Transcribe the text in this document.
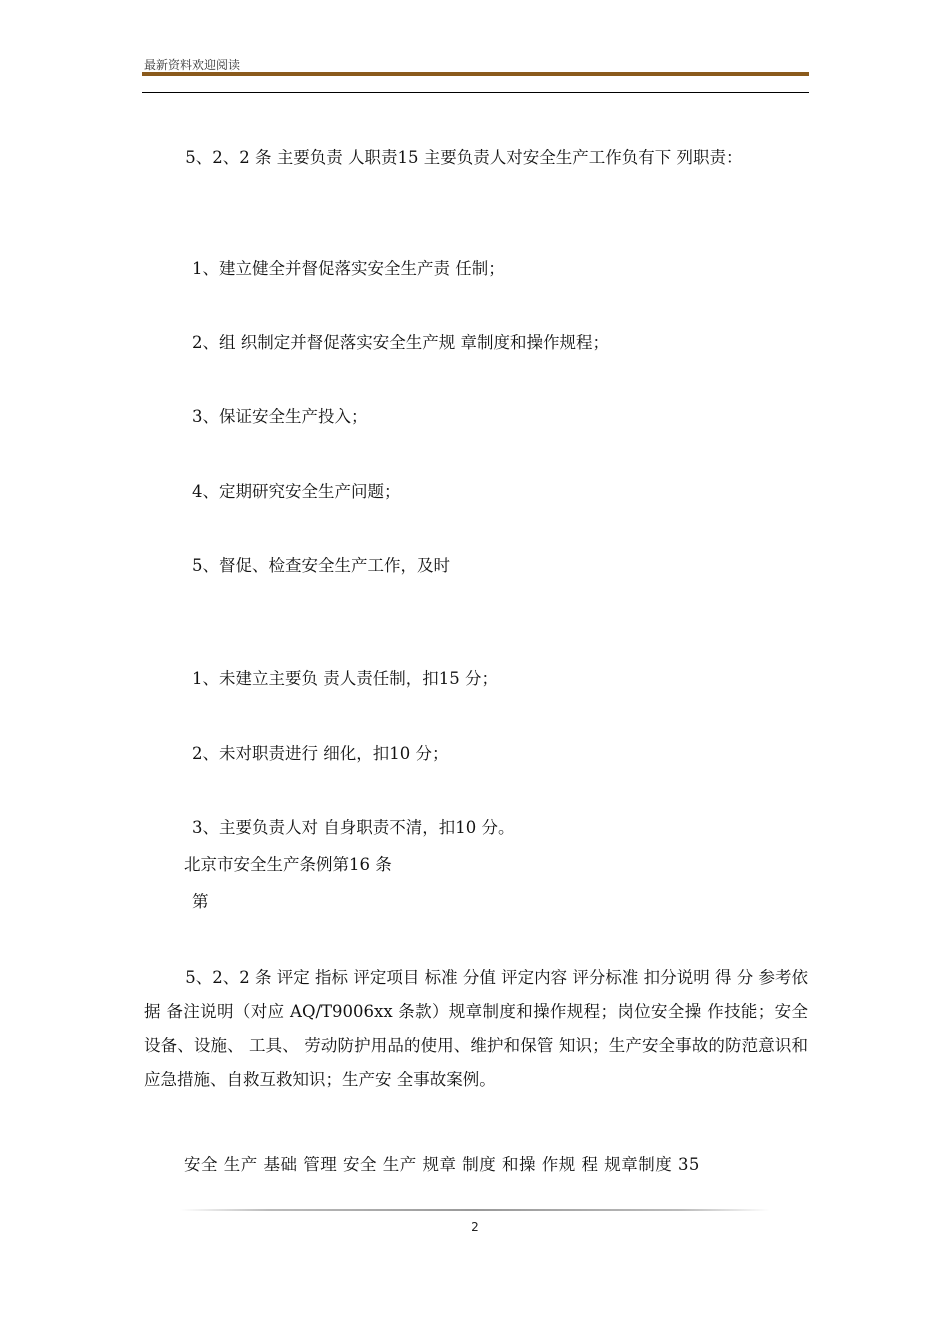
最新资料欢迎阅读
5、2、2 条 主要负责 人职责15 主要负责人对安全生产工作负有下 列职责：
1、建立健全并督促落实安全生产责 任制；
2、组 织制定并督促落实安全生产规 章制度和操作规程；
3、保证安全生产投入；
4、定期研究安全生产问题；
5、督促、检查安全生产工作，及时
1、未建立主要负 责人责任制，扣15 分；
2、未对职责进行 细化，扣10 分；
3、主要负责人对 自身职责不清，扣10 分。
北京市安全生产条例第16 条
第
5、2、2 条 评定 指标 评定项目 标准 分值 评定内容 评分标准 扣分说明 得 分 参考依据 备注说明（对应 AQ/T9006xx 条款）规章制度和操作规程；岗位安全操 作技能；安全设备、设施、 工具、 劳动防护用品的使用、维护和保管 知识；生产安全事故的防范意识和 应急措施、自救互救知识；生产安 全事故案例。
安全 生产 基础 管理 安全 生产 规章 制度 和操 作规 程 规章制度 35
2
